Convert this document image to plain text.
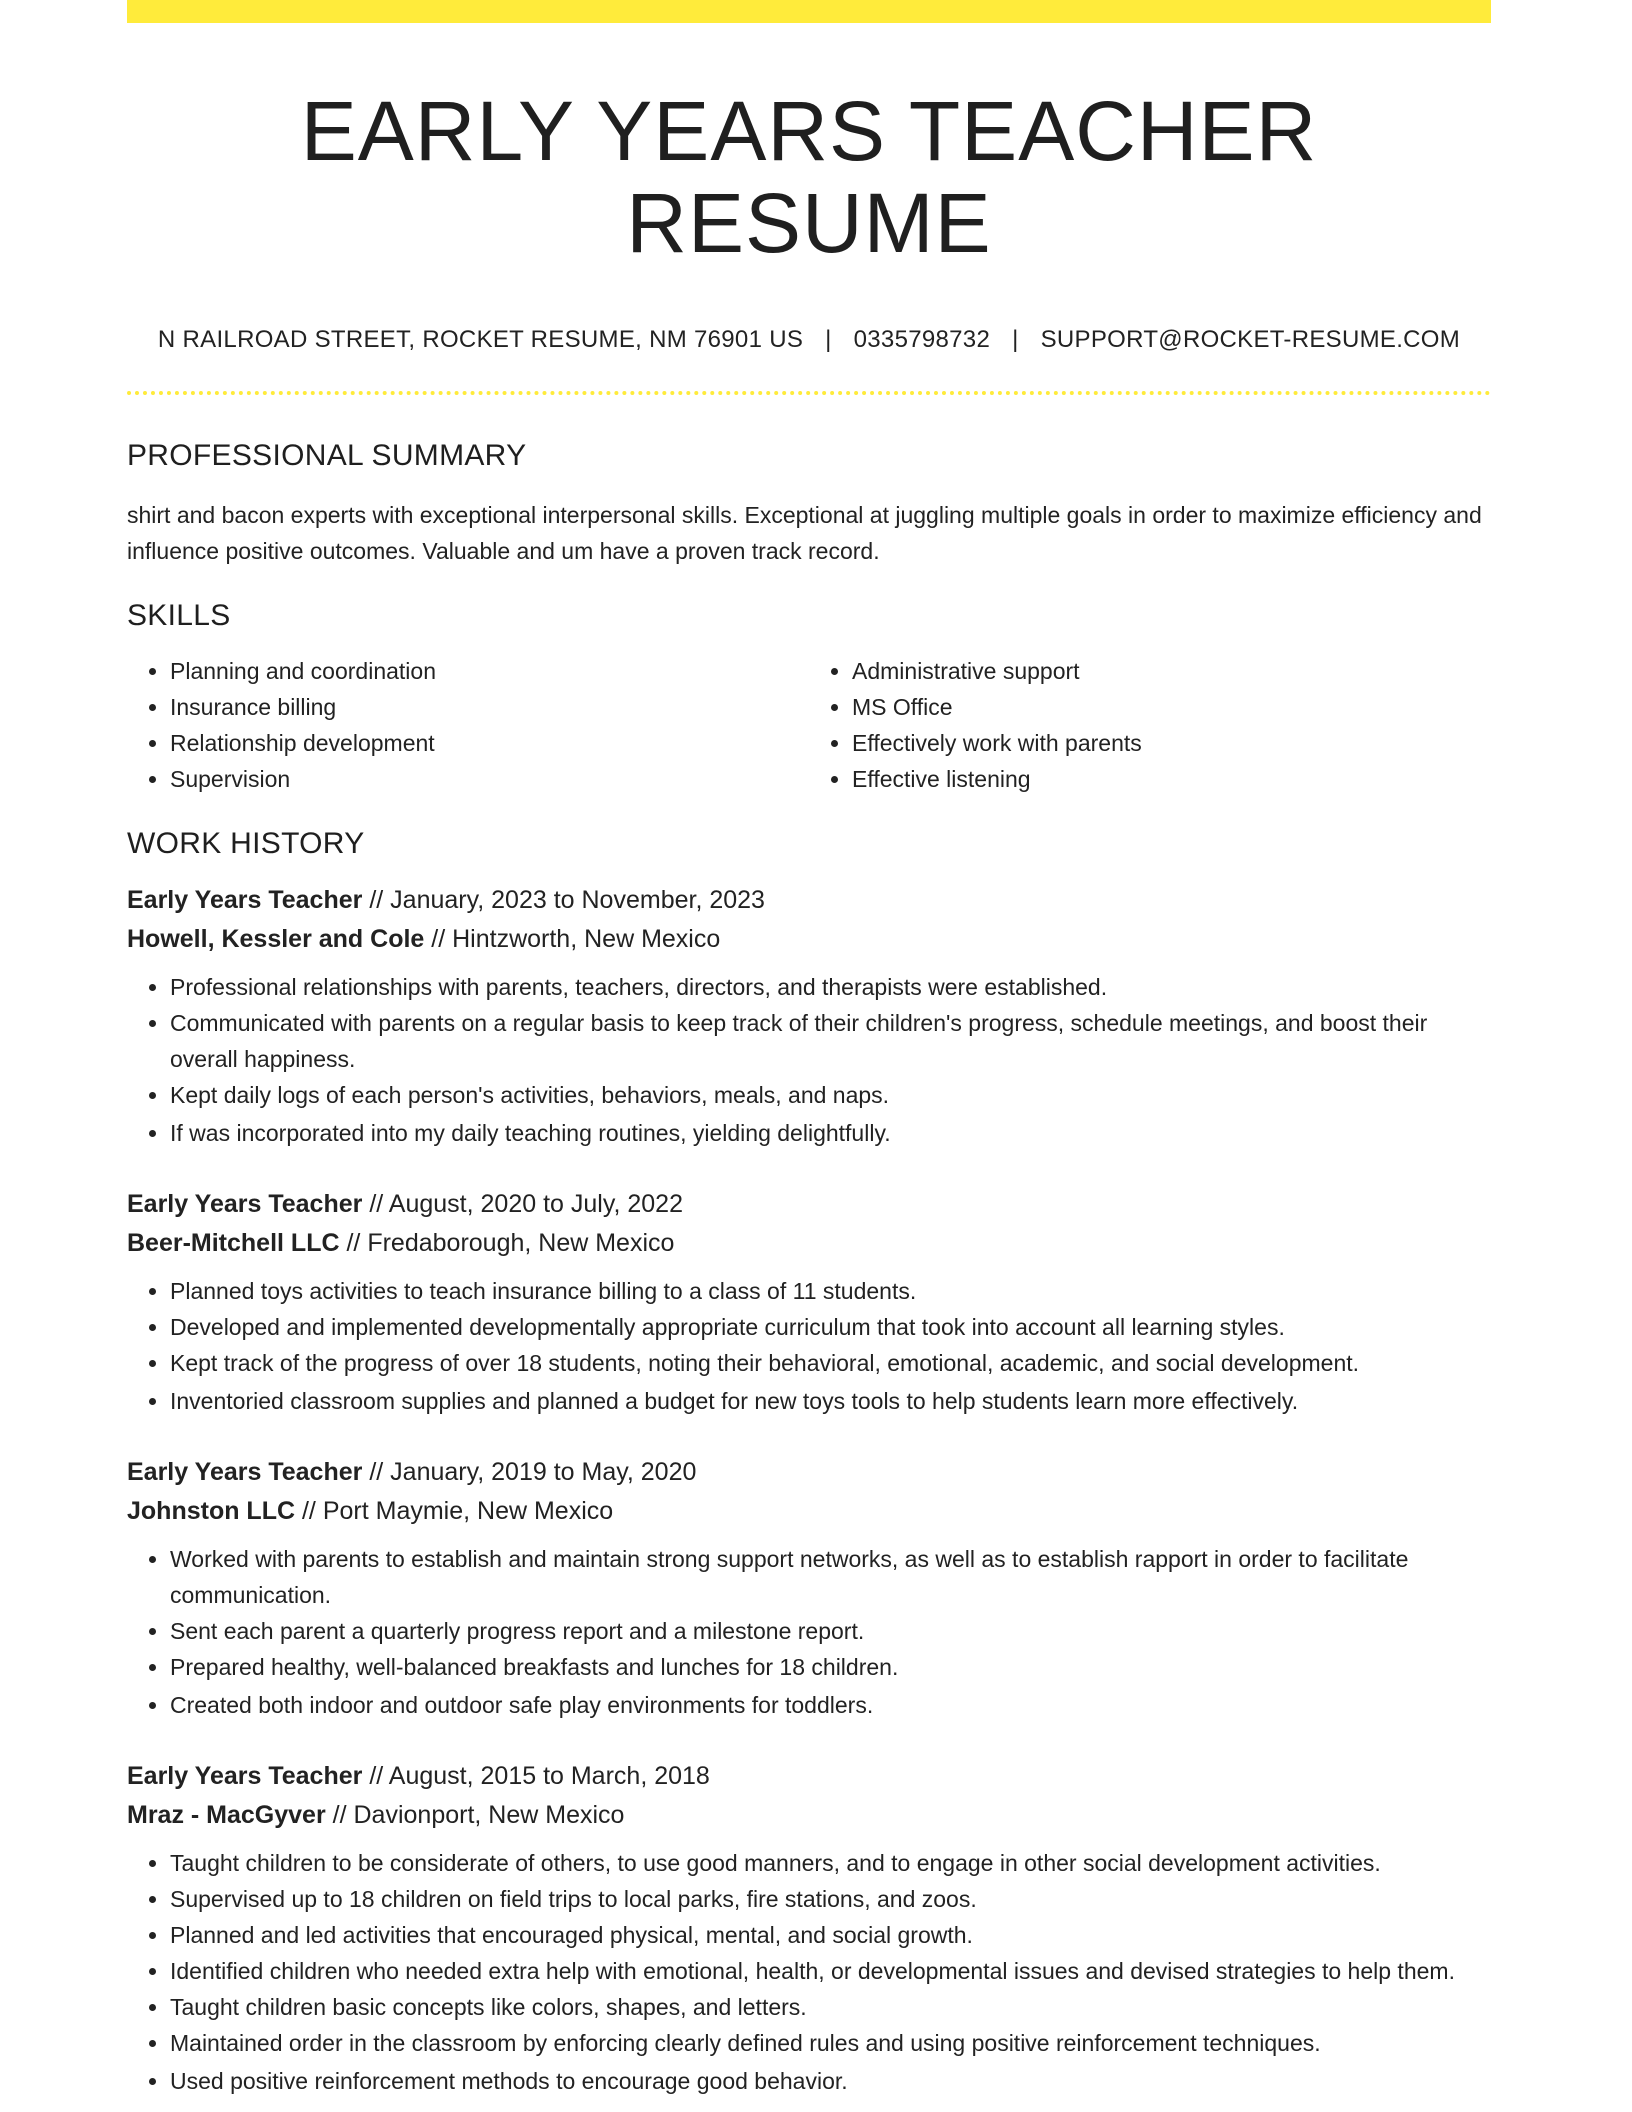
EARLY YEARS TEACHER RESUME
N RAILROAD STREET, ROCKET RESUME, NM 76901 US | 0335798732 | SUPPORT@ROCKET-RESUME.COM
PROFESSIONAL SUMMARY
shirt and bacon experts with exceptional interpersonal skills. Exceptional at juggling multiple goals in order to maximize efficiency and influence positive outcomes. Valuable and um have a proven track record.
SKILLS
• Planning and coordination
• Insurance billing
• Relationship development
• Supervision
• Administrative support
• MS Office
• Effectively work with parents
• Effective listening
WORK HISTORY
Early Years Teacher // January, 2023 to November, 2023
Howell, Kessler and Cole // Hintzworth, New Mexico
• Professional relationships with parents, teachers, directors, and therapists were established.
• Communicated with parents on a regular basis to keep track of their children's progress, schedule meetings, and boost their overall happiness.
• Kept daily logs of each person's activities, behaviors, meals, and naps.
• If was incorporated into my daily teaching routines, yielding delightfully.
Early Years Teacher // August, 2020 to July, 2022
Beer-Mitchell LLC // Fredaborough, New Mexico
• Planned toys activities to teach insurance billing to a class of 11 students.
• Developed and implemented developmentally appropriate curriculum that took into account all learning styles.
• Kept track of the progress of over 18 students, noting their behavioral, emotional, academic, and social development.
• Inventoried classroom supplies and planned a budget for new toys tools to help students learn more effectively.
Early Years Teacher // January, 2019 to May, 2020
Johnston LLC // Port Maymie, New Mexico
• Worked with parents to establish and maintain strong support networks, as well as to establish rapport in order to facilitate communication.
• Sent each parent a quarterly progress report and a milestone report.
• Prepared healthy, well-balanced breakfasts and lunches for 18 children.
• Created both indoor and outdoor safe play environments for toddlers.
Early Years Teacher // August, 2015 to March, 2018
Mraz - MacGyver // Davionport, New Mexico
• Taught children to be considerate of others, to use good manners, and to engage in other social development activities.
• Supervised up to 18 children on field trips to local parks, fire stations, and zoos.
• Planned and led activities that encouraged physical, mental, and social growth.
• Identified children who needed extra help with emotional, health, or developmental issues and devised strategies to help them.
• Taught children basic concepts like colors, shapes, and letters.
• Maintained order in the classroom by enforcing clearly defined rules and using positive reinforcement techniques.
• Used positive reinforcement methods to encourage good behavior.
